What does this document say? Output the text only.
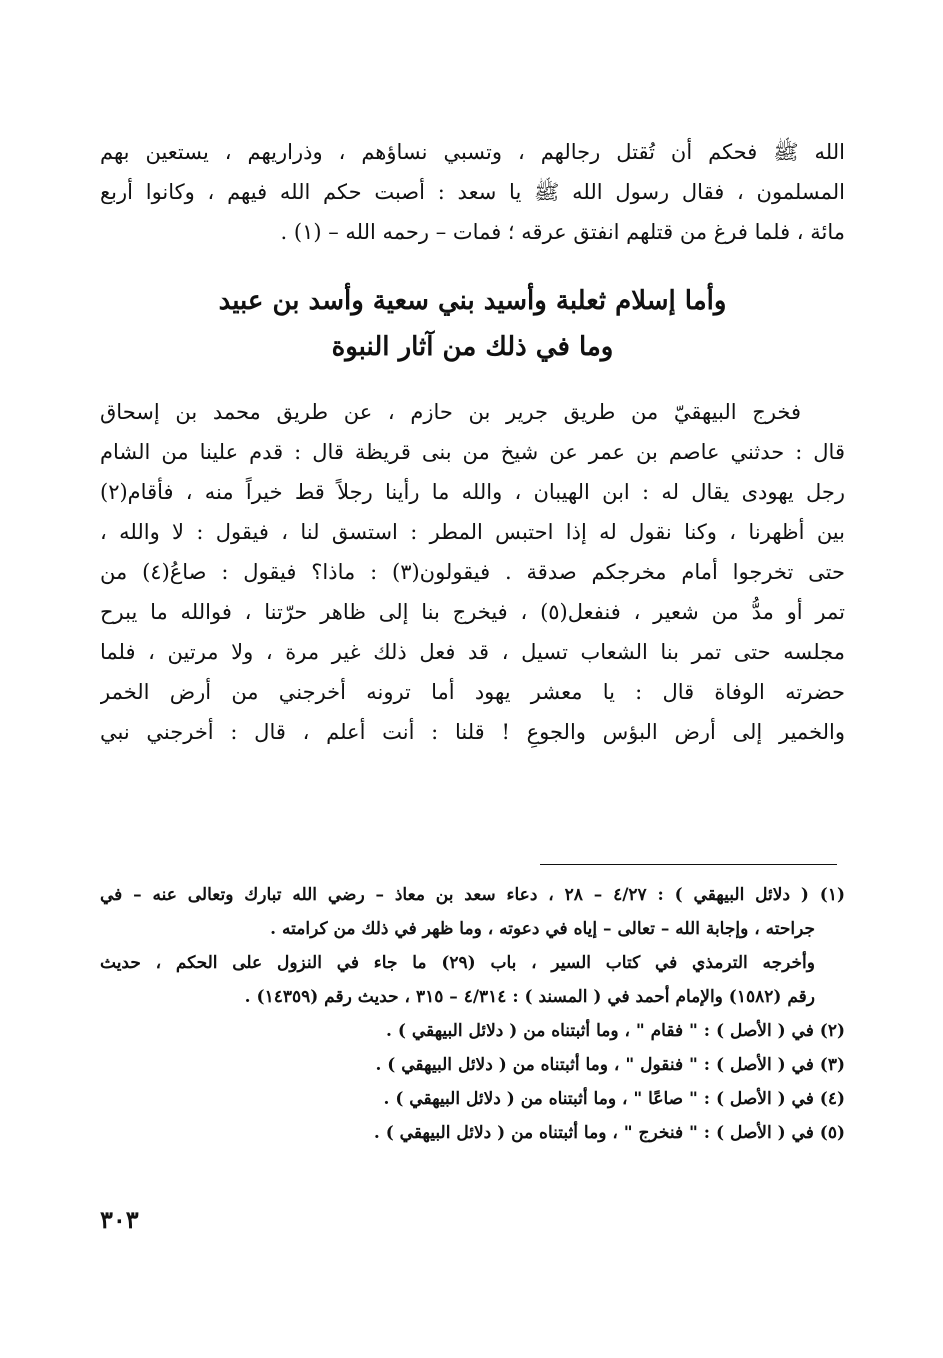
الله ﷺ فحكم أن تُقتل رجالهم ، وتسبي نساؤهم ، وذراريهم ، يستعين بهم
المسلمون ، فقال رسول الله ﷺ يا سعد : أصبت حكم الله فيهم ، وكانوا أربع
مائة ، فلما فرغ من قتلهم انفتق عرقه ؛ فمات – رحمه الله – (١) .
وأما إسلام ثعلبة وأسيد بني سعية وأسد بن عبيد
وما في ذلك من آثار النبوة
فخرج البيهقيّ من طريق جرير بن حازم ، عن طريق محمد بن إسحاق
قال : حدثني عاصم بن عمر عن شيخ من بنى قريظة قال : قدم علينا من الشام
رجل يهودى يقال له : ابن الهيبان ، والله ما رأينا رجلاً قط خيراً منه ، فأقام(٢)
بين أظهرنا ، وكنا نقول له إذا احتبس المطر : استسق لنا ، فيقول : لا والله ،
حتى تخرجوا أمام مخرجكم صدقة . فيقولون(٣) : ماذا؟ فيقول : صاعُ(٤) من
تمر أو مدُّ من شعير ، فنفعل(٥) ، فيخرج بنا إلى ظاهر حرّتنا ، فوالله ما يبرح
مجلسه حتى تمر بنا الشعاب تسيل ، قد فعل ذلك غير مرة ، ولا مرتين ، فلما
حضرته الوفاة قال : يا معشر يهود أما ترونه أخرجني من أرض الخمر
والخمير إلى أرض البؤس والجوعِ ! قلنا : أنت أعلم ، قال : أخرجني نبي
(١) ( دلائل البيهقي ) : ٤/٢٧ – ٢٨ ، دعاء سعد بن معاذ – رضي الله تبارك وتعالى عنه – في
جراحته ، وإجابة الله – تعالى – إياه في دعوته ، وما ظهر في ذلك من كرامته .
وأخرجه الترمذي في كتاب السير ، باب (٢٩) ما جاء في النزول على الحكم ، حديث
رقم (١٥٨٢) والإمام أحمد في ( المسند ) : ٤/٣١٤ – ٣١٥ ، حديث رقم (١٤٣٥٩) .
(٢) في ( الأصل ) : " فقام " ، وما أثبتناه من ( دلائل البيهقي ) .
(٣) في ( الأصل ) : " فنقول " ، وما أثبتناه من ( دلائل البيهقي ) .
(٤) في ( الأصل ) : " صاعًا " ، وما أثبتناه من ( دلائل البيهقي ) .
(٥) في ( الأصل ) : " فنخرج " ، وما أثبتناه من ( دلائل البيهقي ) .
٣٠٣
